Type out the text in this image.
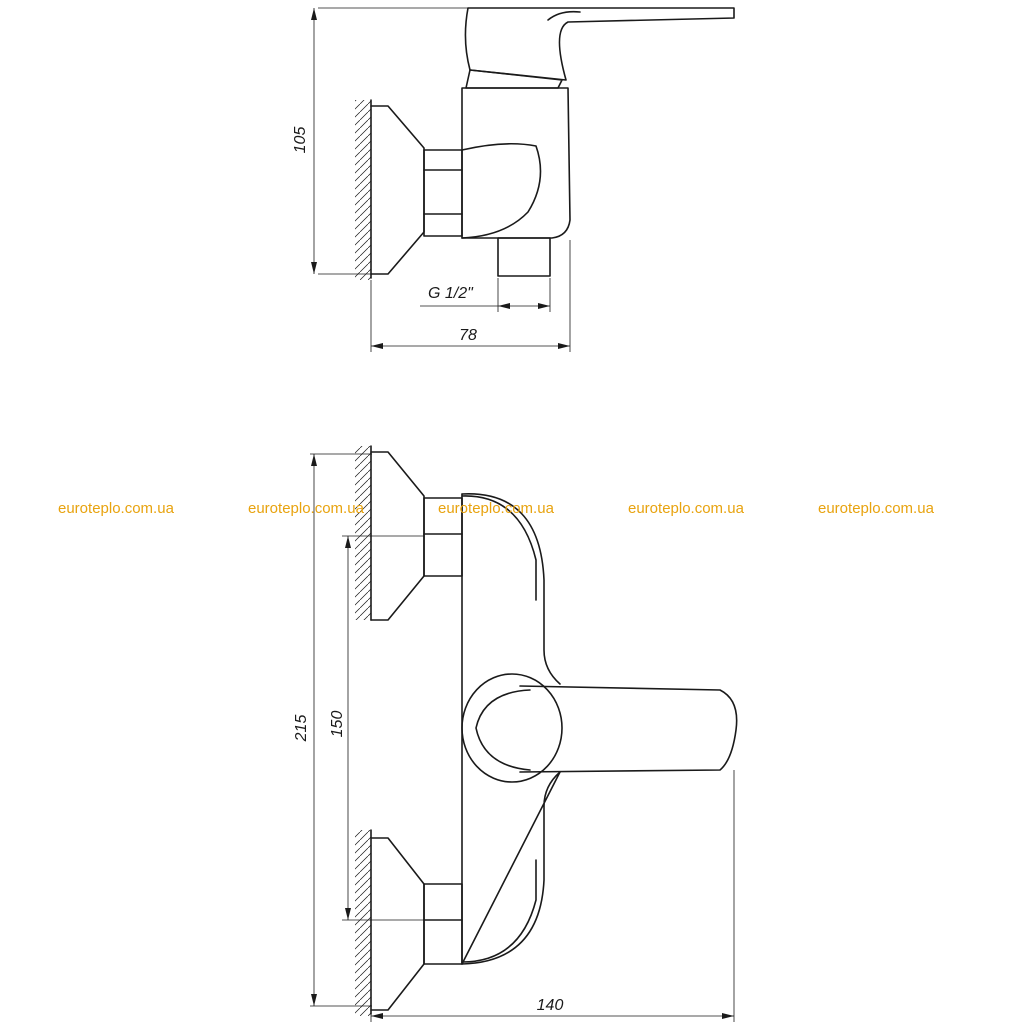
105
G 1/2"
78
215 150
140
euroteplo.com.ua	euroteplo.com.ua	euroteplo.com.ua	euroteplo.com.ua	euroteplo.com.ua
